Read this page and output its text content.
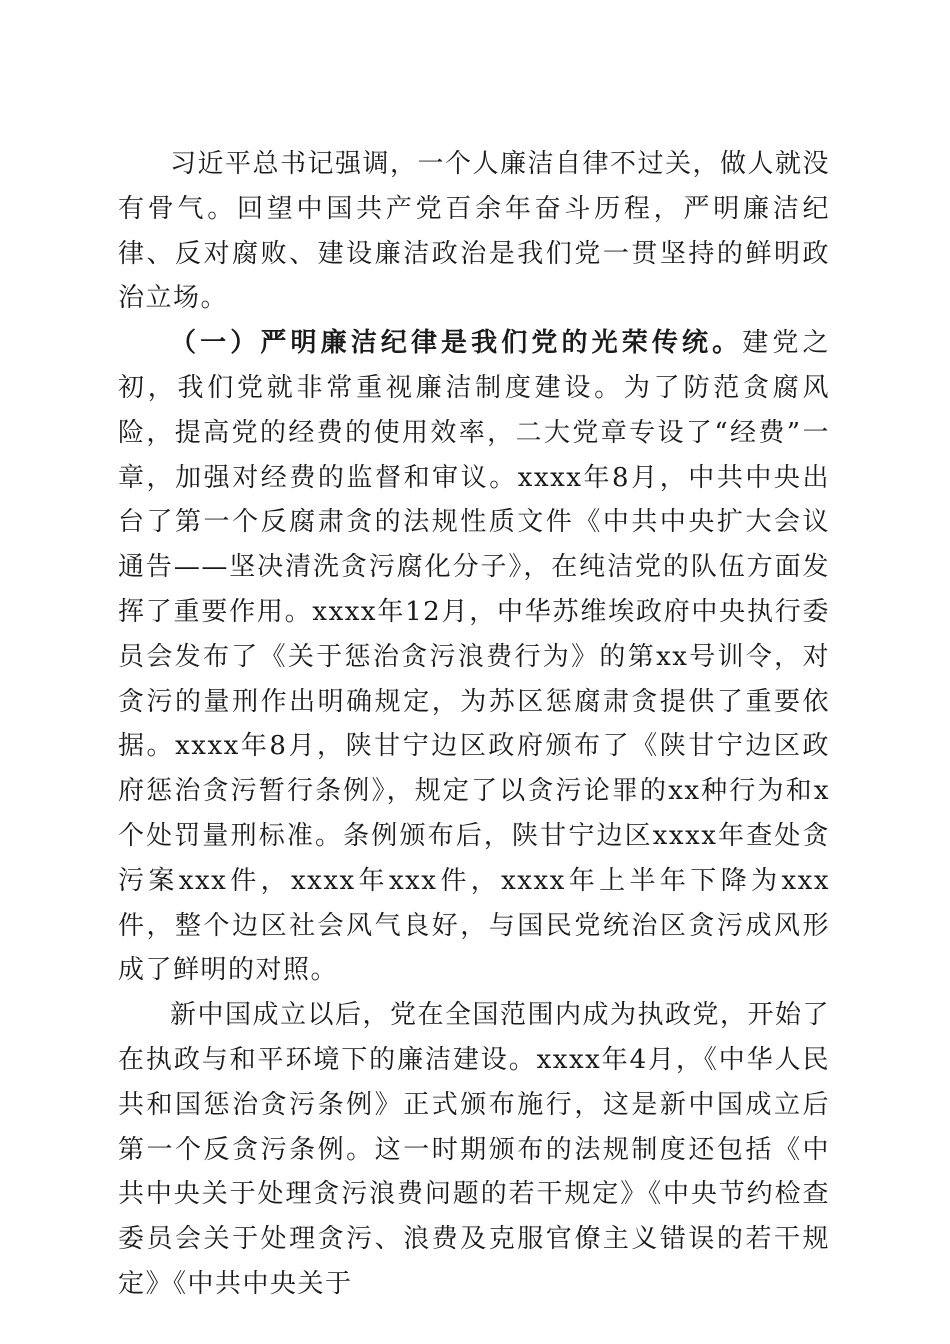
习近平总书记强调，一个人廉洁自律不过关，做人就没有骨气。回望中国共产党百余年奋斗历程，严明廉洁纪律、反对腐败、建设廉洁政治是我们党一贯坚持的鲜明政治立场。

（一）严明廉洁纪律是我们党的光荣传统。建党之初，我们党就非常重视廉洁制度建设。为了防范贪腐风险，提高党的经费的使用效率，二大党章专设了“经费”一章，加强对经费的监督和审议。xxxx年8月，中共中央出台了第一个反腐肃贪的法规性质文件《中共中央扩大会议通告——坚决清洗贪污腐化分子》，在纯洁党的队伍方面发挥了重要作用。xxxx年12月，中华苏维埃政府中央执行委员会发布了《关于惩治贪污浪费行为》的第xx号训令，对贪污的量刑作出明确规定，为苏区惩腐肃贪提供了重要依据。xxxx年8月，陕甘宁边区政府颁布了《陕甘宁边区政府惩治贪污暂行条例》，规定了以贪污论罪的xx种行为和x个处罚量刑标准。条例颁布后，陕甘宁边区xxxx年查处贪污案xxx件，xxxx年xxx件，xxxx年上半年下降为xxx件，整个边区社会风气良好，与国民党统治区贪污成风形成了鲜明的对照。

新中国成立以后，党在全国范围内成为执政党，开始了在执政与和平环境下的廉洁建设。xxxx年4月，《中华人民共和国惩治贪污条例》正式颁布施行，这是新中国成立后第一个反贪污条例。这一时期颁布的法规制度还包括《中共中央关于处理贪污浪费问题的若干规定》《中央节约检查委员会关于处理贪污、浪费及克服官僚主义错误的若干规定》《中共中央关于
